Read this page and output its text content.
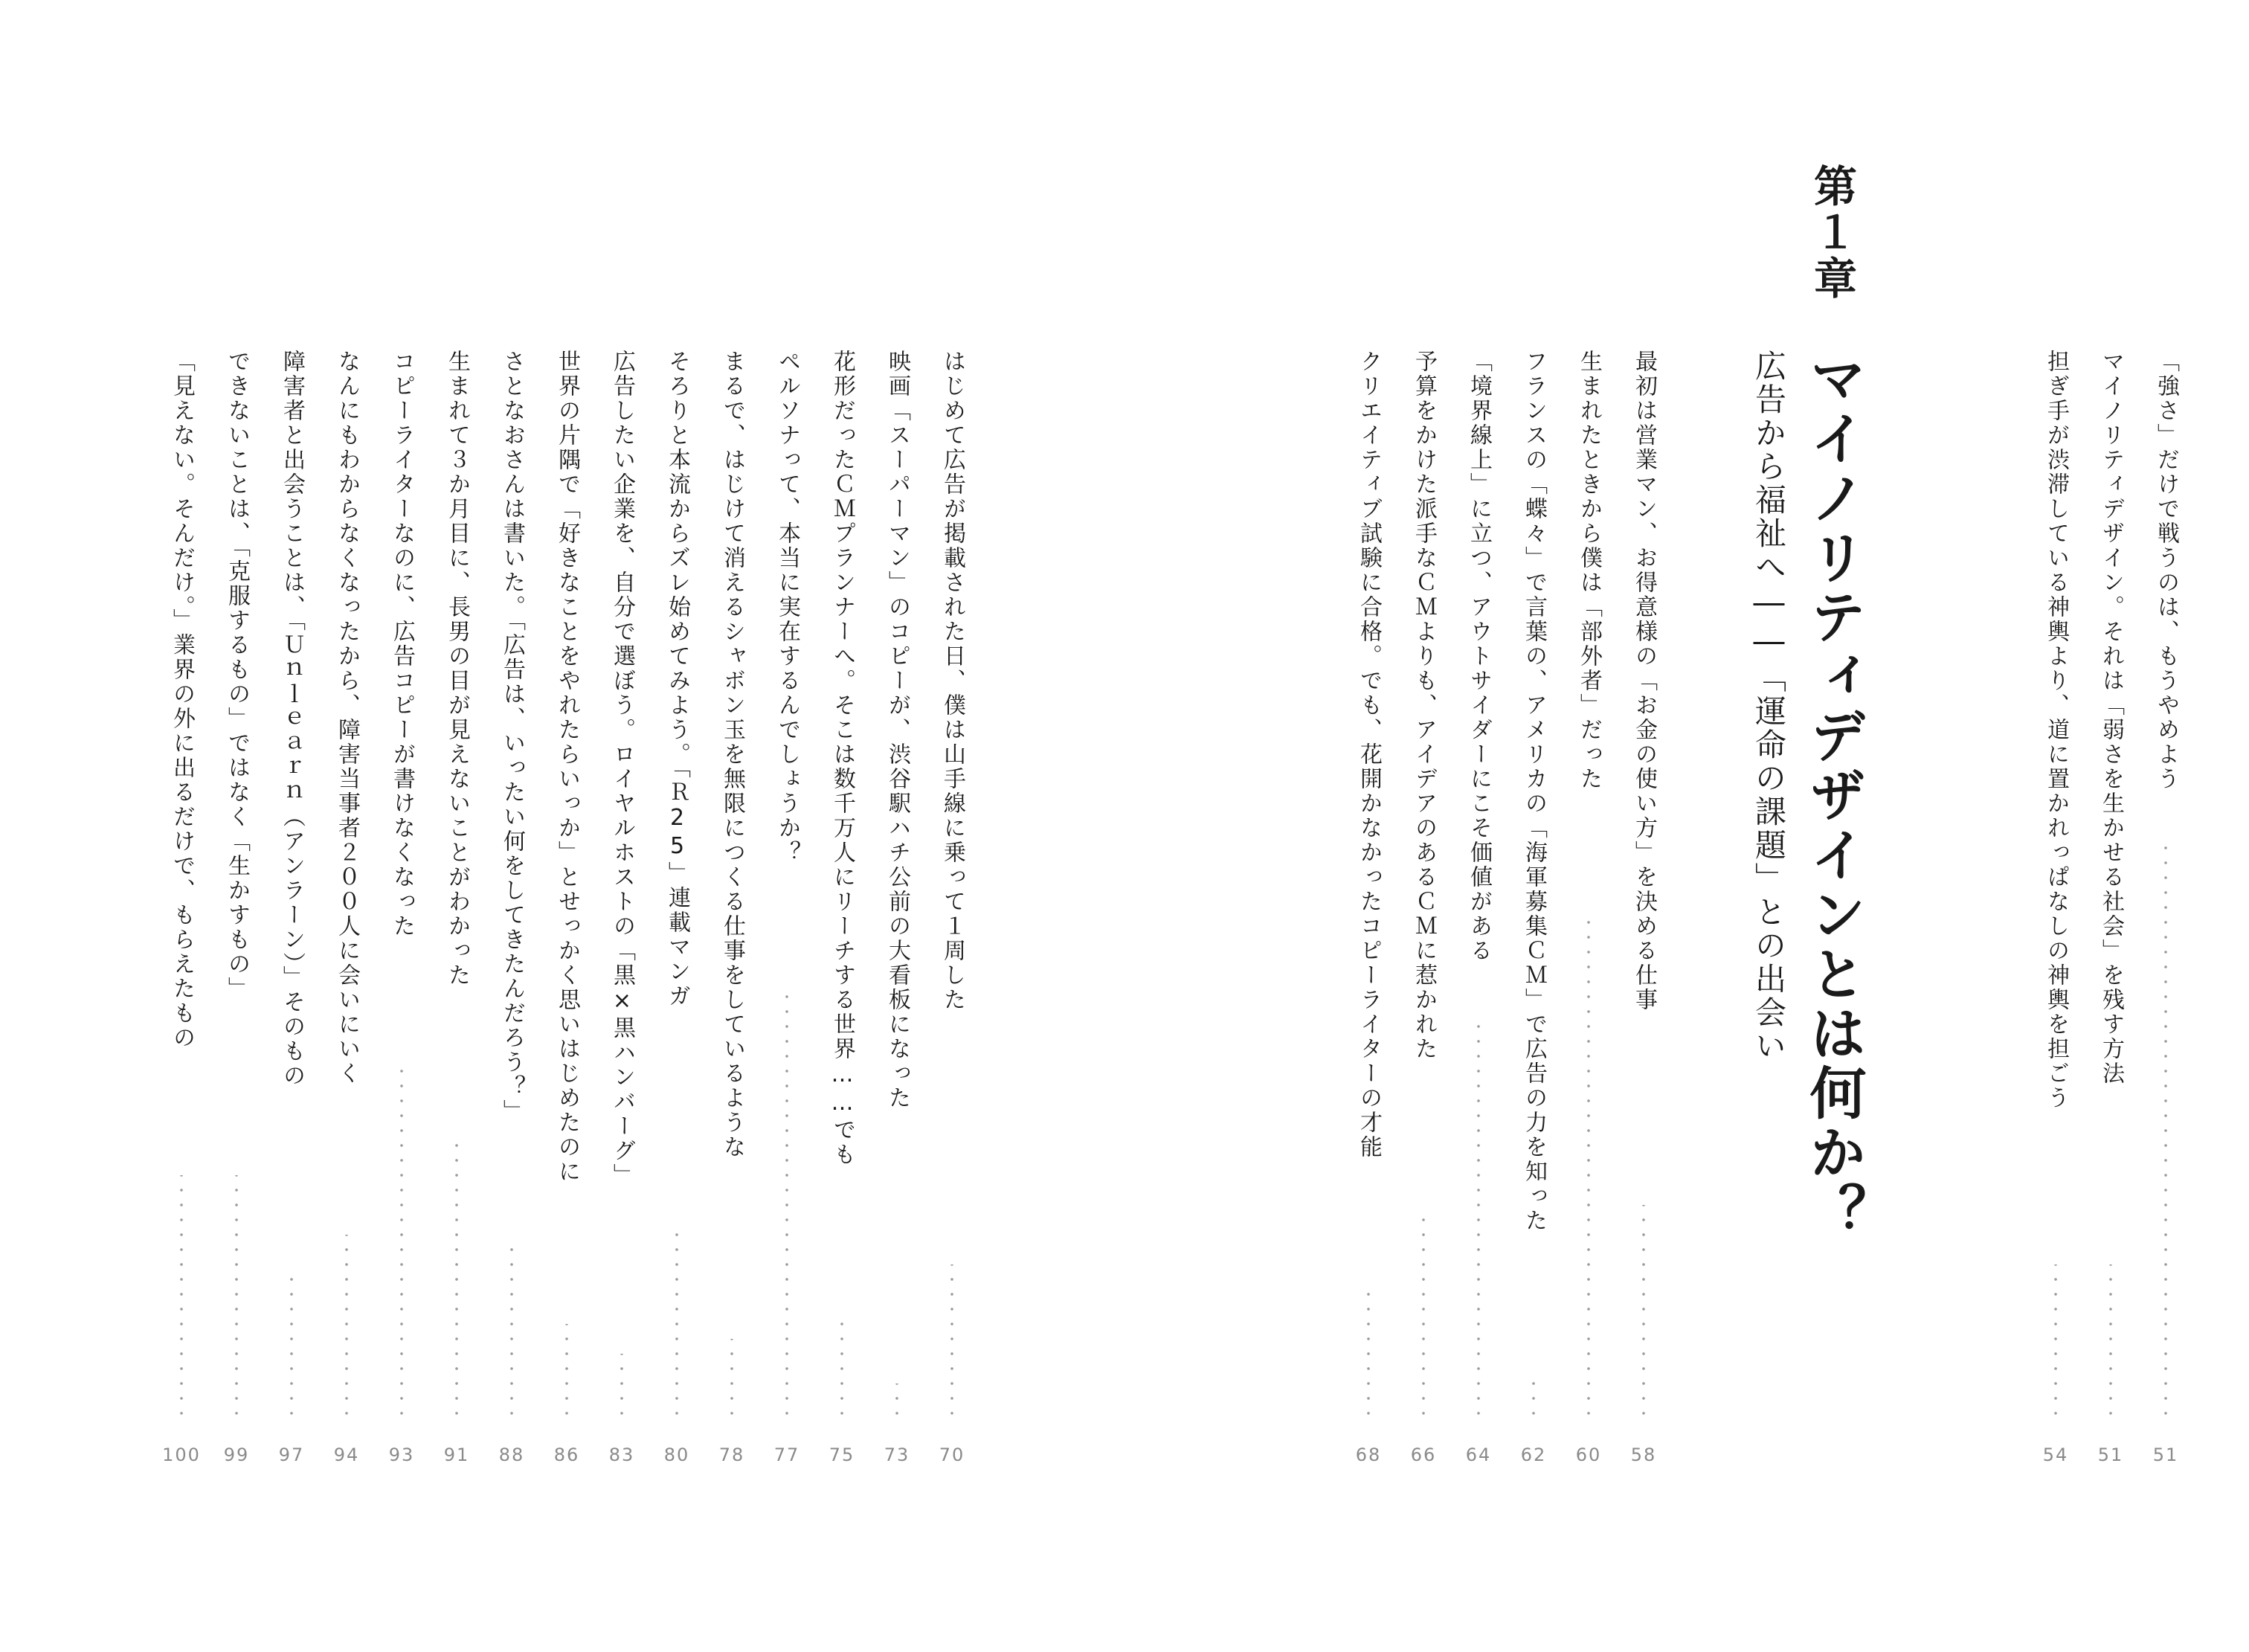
「強さ」だけで戦うのは、もうやめよう
51
マイノリティデザイン。それは「弱さを生かせる社会」を残す方法
51
担ぎ手が渋滞している神輿より、道に置かれっぱなしの神輿を担ごう
54
第１章
マイノリティデザインとは何か？
広告から福祉へ――「運命の課題」との出会い
最初は営業マン、お得意様の「お金の使い方」を決める仕事
58
生まれたときから僕は「部外者」だった
60
フランスの「蝶々」で言葉の、アメリカの「海軍募集ＣＭ」で広告の力を知った
62
「境界線上」に立つ、アウトサイダーにこそ価値がある
64
予算をかけた派手なＣＭよりも、アイデアのあるＣＭに惹かれた
66
クリエイティブ試験に合格。でも、花開かなかったコピーライターの才能
68
はじめて広告が掲載された日、僕は山手線に乗って１周した
70
映画「スーパーマン」のコピーが、渋谷駅ハチ公前の大看板になった
73
花形だったＣＭプランナーへ。そこは数千万人にリーチする世界……でも
75
ペルソナって、本当に実在するんでしょうか？
77
まるで、はじけて消えるシャボン玉を無限につくる仕事をしているような
78
そろりと本流からズレ始めてみよう。「Ｒ25」連載マンガ
80
広告したい企業を、自分で選ぼう。ロイヤルホストの「黒×黒ハンバーグ」
83
世界の片隅で「好きなことをやれたらいっか」とせっかく思いはじめたのに
86
さとなおさんは書いた。「広告は、いったい何をしてきたんだろう？」
88
生まれて３か月目に、長男の目が見えないことがわかった
91
コピーライターなのに、広告コピーが書けなくなった
93
なんにもわからなくなったから、障害当事者２００人に会いにいく
94
障害者と出会うことは、「Ｕｎｌｅａｒｎ（アンラーン）」そのもの
97
できないことは、「克服するもの」ではなく「生かすもの」
99
「見えない。そんだけ。」業界の外に出るだけで、もらえたもの
100
